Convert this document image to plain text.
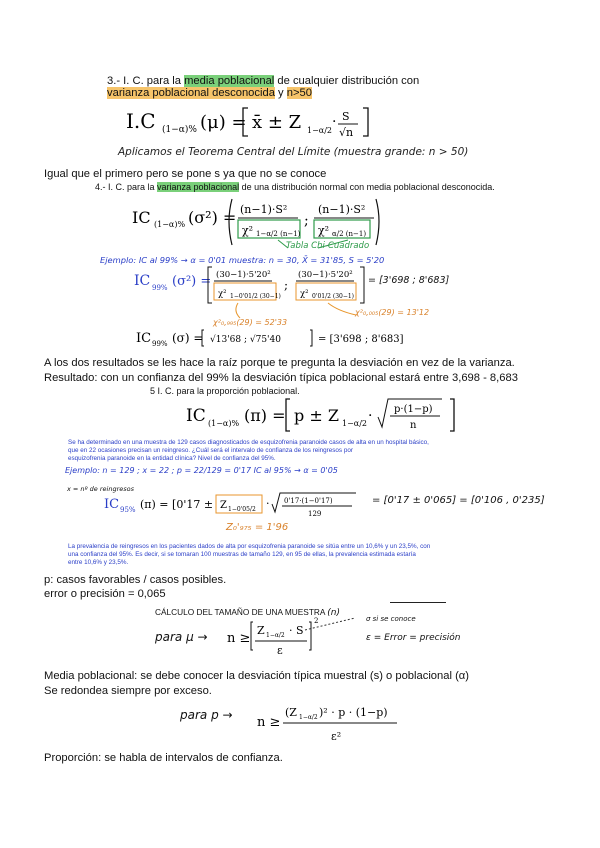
3.- I. C. para la media poblacional de cualquier distribución con
varianza poblacional desconocida y n>50
I.C (1−α)% (μ) = x̄ ± Z 1−α/2
· S
√n
Aplicamos el Teorema Central del Límite (muestra grande: n > 50)
Igual que el primero pero se pone s ya que no se conoce
4.- I. C. para la varianza poblacional de una distribución normal con media poblacional desconocida.
IC (1−α)% (σ²) = (n−1)·S²
χ² 1−α/2 (n−1)
;
(n−1)·S²
χ² α/2 (n−1)
Tabla Chi-Cuadrado
Ejemplo: IC al 99% → α = 0'01 muestra: n = 30, X̄ = 31'85, S = 5'20
IC 99% (σ²) = (30−1)·5'20²
χ² 1−0'01/2 (30−1)
;
(30−1)·5'20²
χ² 0'01/2 (30−1)
= [3'698 ; 8'683]
χ²₀,₉₉₅(29) = 52'33
χ²₀,₀₀₅(29) = 13'12
IC 99% (σ) = √13'68 ; √75'40	= [3'698 ; 8'683]
A los dos resultados se les hace la raíz porque te pregunta la desviación en vez de la varianza.
Resultado: con un confianza del 99% la desviación típica poblacional estará entre 3,698 - 8,683
5 I. C. para la proporción poblacional.
IC (1−α)% (π) = p ± Z 1−α/2 · p·(1−p)
n
Se ha determinado en una muestra de 129 casos diagnosticados de esquizofrenia paranoide casos de alta en un hospital básico,
que en 22 ocasiones precisan un reingreso. ¿Cuál será el intervalo de confianza de los reingresos por
esquizofrenia paranoide en la entidad clínica? Nivel de confianza del 95%.
Ejemplo: n = 129 ; x = 22 ; p = 22/129 = 0'17 IC al 95% → α = 0'05
x = nº de reingresos
IC 95% (π) = [0'17 ± Z 1−0'05/2 · 0'17·(1−0'17)
129
= [0'17 ± 0'065] = [0'106 , 0'235]
Z₀'₉₇₅ = 1'96
La prevalencia de reingresos en los pacientes dados de alta por esquizofrenia paranoide se sitúa entre un 10,6% y un 23,5%, con
una confianza del 95%. Es decir, si se tomaran 100 muestras de tamaño 129, en 95 de ellas, la prevalencia estimada estaría
entre 10,6% y 23,5%.
p: casos favorables / casos posibles.
error o precisión = 0,065
CÁLCULO DEL TAMAÑO DE UNA MUESTRA (n)
para μ → n ≥
Z 1−α/2 · S
ε
2	σ si se conoce
ε = Error = precisión
Media poblacional: se debe conocer la desviación típica muestral (s) o poblacional (α)
Se redondea siempre por exceso.
para p → n ≥
(Z 1−α/2 )² · p · (1−p)
ε²
Proporción: se habla de intervalos de confianza.
